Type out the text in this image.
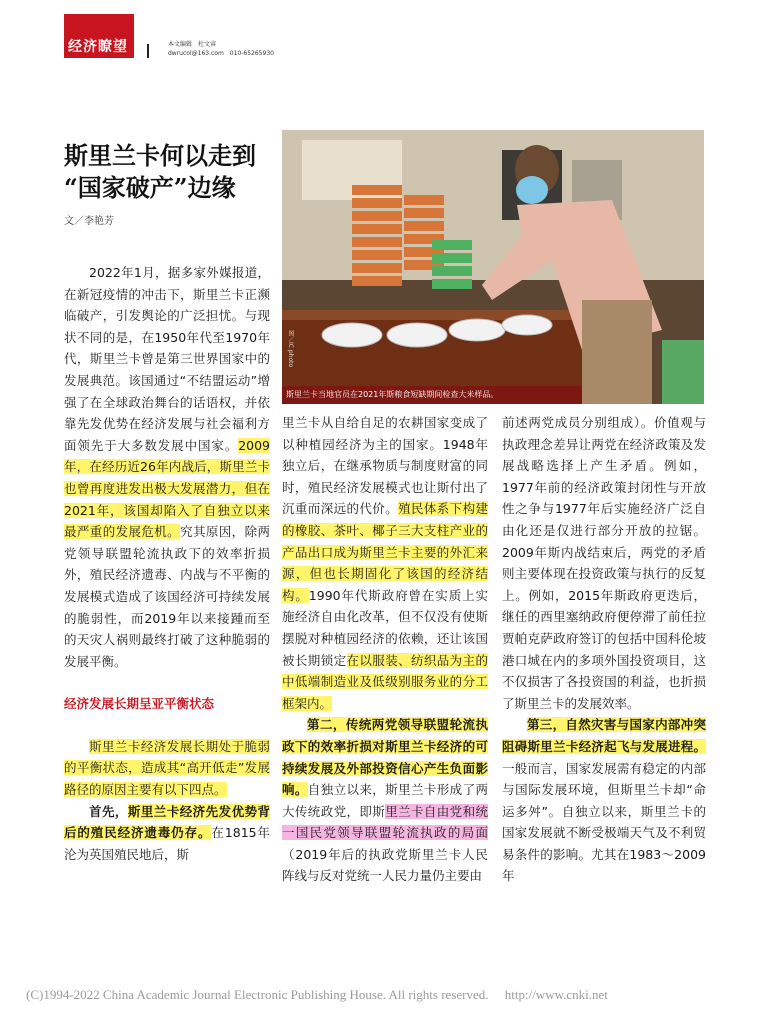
经济瞭望	本文编辑　杜文睿
dwrucol@163.com　010-65265930
斯里兰卡何以走到
“国家破产”边缘
文／李艳芳
图／IC photo
斯里兰卡当地官员在2021年斯粮食短缺期间检查大米样品。

2022年1月，据多家外媒报道，在新冠疫情的冲击下，斯里兰卡正濒临破产，引发舆论的广泛担忧。与现状不同的是，在1950年代至1970年代，斯里兰卡曾是第三世界国家中的发展典范。该国通过“不结盟运动”增强了在全球政治舞台的话语权，并依靠先发优势在经济发展与社会福利方面领先于大多数发展中国家。2009年，在经历近26年内战后，斯里兰卡也曾再度进发出极大发展潜力，但在2021年，该国却陷入了自独立以来最严重的发展危机。究其原因，除两党领导联盟轮流执政下的效率折损外，殖民经济遗毒、内战与不平衡的发展模式造成了该国经济可持续发展的脆弱性，而2019年以来接踵而至的天灾人祸则最终打破了这种脆弱的发展平衡。

经济发展长期呈亚平衡状态

斯里兰卡经济发展长期处于脆弱的平衡状态，造成其“高开低走”发展路径的原因主要有以下四点。

首先，斯里兰卡经济先发优势背后的殖民经济遗毒仍存。在1815年沦为英国殖民地后，斯

里兰卡从自给自足的农耕国家变成了以种植园经济为主的国家。1948年独立后，在继承物质与制度财富的同时，殖民经济发展模式也让斯付出了沉重而深远的代价。殖民体系下构建的橡胶、茶叶、椰子三大支柱产业的产品出口成为斯里兰卡主要的外汇来源，但也长期固化了该国的经济结构。1990年代斯政府曾在实质上实施经济自由化改革，但不仅没有使斯摆脱对种植园经济的依赖，还让该国被长期锁定在以服装、纺织品为主的中低端制造业及低级别服务业的分工框架内。

第二，传统两党领导联盟轮流执政下的效率折损对斯里兰卡经济的可持续发展及外部投资信心产生负面影响。自独立以来，斯里兰卡形成了两大传统政党，即斯里兰卡自由党和统一国民党领导联盟轮流执政的局面（2019年后的执政党斯里兰卡人民阵线与反对党统一人民力量仍主要由

前述两党成员分别组成）。价值观与执政理念差异让两党在经济政策及发展战略选择上产生矛盾。例如，1977年前的经济政策封闭性与开放性之争与1977年后实施经济广泛自由化还是仅进行部分开放的拉锯。2009年斯内战结束后，两党的矛盾则主要体现在投资政策与执行的反复上。例如，2015年斯政府更迭后，继任的西里塞纳政府便停滞了前任拉贾帕克萨政府签订的包括中国科伦坡港口城在内的多项外国投资项目，这不仅损害了各投资国的利益，也折损了斯里兰卡的发展效率。

第三，自然灾害与国家内部冲突阻碍斯里兰卡经济起飞与发展进程。一般而言，国家发展需有稳定的内部与国际发展环境，但斯里兰卡却“命运多舛”。自独立以来，斯里兰卡的国家发展就不断受极端天气及不利贸易条件的影响。尤其在1983～2009年

(C)1994-2022 China Academic Journal Electronic Publishing House. All rights reserved.　 http://www.cnki.net
